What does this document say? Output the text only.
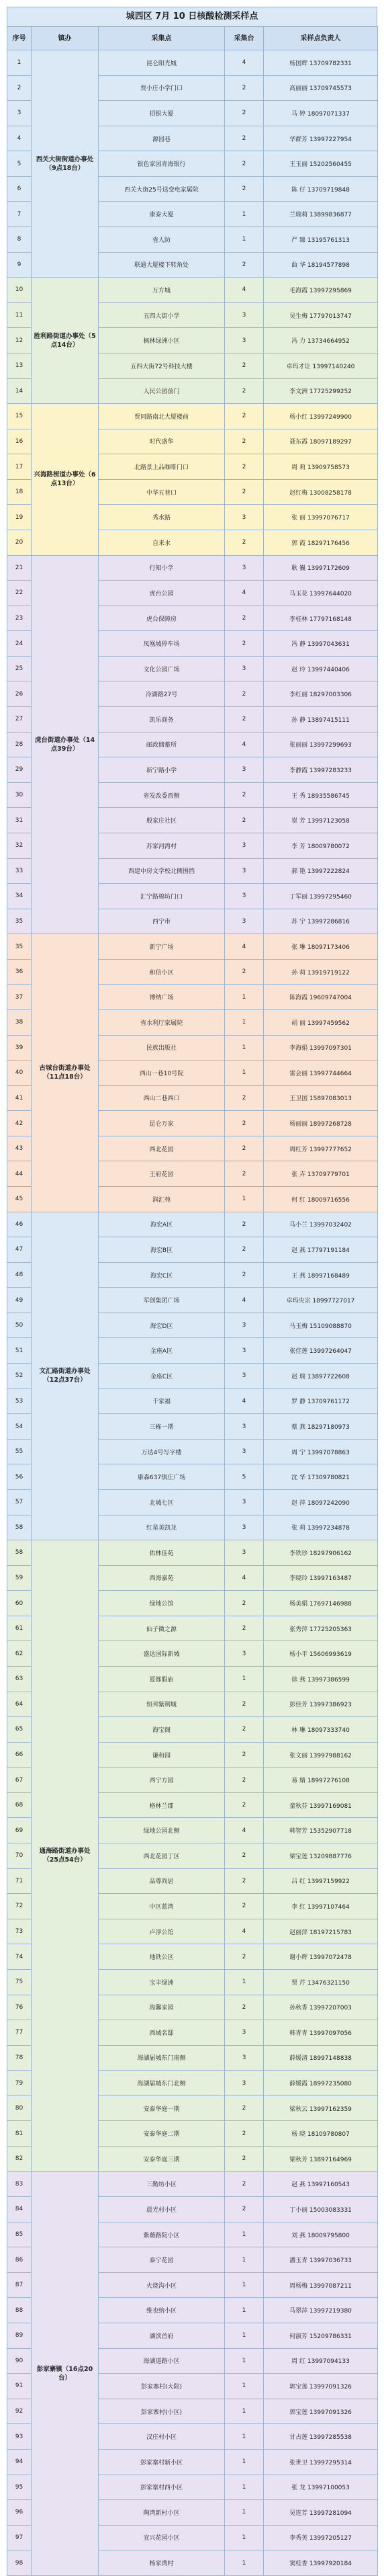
城西区 7月 10 日核酸检测采样点
序号	镇办	采集点	采集台	采样点负责人
1	西关大街街道办事处（9点18台）	昆仑阳光城	4	杨国辉 13709782331
2		贾小庄小学门口	2	高丽丽 13709745573
3		招银大厦	2	马 婷 18097071337
4		源园巷	2	华群芳 13997227954
5		银色家园青海银行	2	王玉丽 15202560455
6		西关大街25号送变电家属院	2	陈 仔 13709719848
7		康泰大厦	1	兰瑞莉 13899836877
8		省人防	1	严 臻 13195761313
9		联通大厦楼下转角处	2	曲 华 18194577898
10	胜利路街道办事处（5点14台）	万方城	4	毛海霞 13997295869
11		五四大街小学	3	吴生梅 17797013747
12		枫林绿洲小区	3	冯 力 13734664952
13		五四大街72号科技大楼	2	卓玛才让 13997140240
14		人民公园前门	2	李文洲 17725299252
15	兴海路街道办事处（6点13台）	贾同路南北大厦楼前	2	杨小红 13997249900
16		时代盛华	2	聂东霞 18097189297
17		北路景上品咖啡门口	2	周 莉 13909758573
18		中华五巷口	2	赵红梅 13008258178
19		秀水路	3	张 丽 13997076717
20		自来水	2	郭 霞 18297176456
21	虎台街道办事处（14点39台）	行知小学	3	耿 巍 13997172609
22		虎台公园	4	马玉花 13997644020
23		虎台保障房	2	李桂林 17797168148
24		凤凰城停车场	2	冯 静 13997043631
25		文化公园广场	3	赵 玲 13997440406
26		冷湖路27号	2	李红丽 18297003306
27		凯乐商务	2	孙 静 13897415111
28		邮政储蓄所	4	张丽丽 13997299693
29		新宁路小学	3	李静霞 13997283233
30		省发改委西侧	2	王 秀 18935586745
31		殷家庄社区	2	崔 芳 13997123058
32		苏家河湾村	3	李 芳 18009780072
33		西建中房文学校北侧围挡	3	郝 艳 13997222824
34		汇宁路棉坊门口	3	丁军丽 13997295460
35		西宁市	3	苏 宁 13997286816
35	古城台街道办事处（11点18台）	新宁广场	4	张 琳 18097173406
36		和信小区	2	孙 莉 13919719122
37		博纳广场	1	陈海霞 19609747004
38		省水利厅家属院	1	胡 丽 13997459562
39		民族出版社	1	李海娟 13997097301
40		西山一巷10号院	1	雷会丽 13997744664
41		西山二巷西口	2	王卫国 15897083013
42		昆仑万家	2	杨丽丽 18997268728
43		西北花园	2	周红芳 13997777652
44		王府花园	2	张 卉 13709779701
45		润汇苑	1	何 红 18009716556
46	文汇路街道办事处（12点37台）	海宏A区	2	马小兰 13997032402
47		海宏B区	2	赵 燕 17797191184
48		海宏C区	2	王 燕 18997168489
49		军创集团广场	4	卓玛央宗 18997727017
50		海宏D区	3	马玉梅 15109088870
51		金座A区	3	张佳莲 13997264047
52		金座C区	3	赵 瑞 13897722608
53		千家福	4	罗 静 13709761172
54		三栋一期	3	蔡 燕 18297180973
55		万达4号写字楼	3	周 宁 13997078863
56		康森637镇庄广场	5	沈 华 17309780821
57		北城七区	3	赵 萍 18097242090
58		红星美凯龙	3	张 莉 13997234878
58	通海路街道办事处（25点54台）	佑林佳苑	3	李铁珍 18297906162
59		西海嘉苑	4	李晓玲 13997163487
60		绿地公馆	2	杨美娟 17697146988
61		仙子微之源	2	张秀萍 17725205363
62		盛达国际新城	3	杨小平 15606993619
63		夏都假庙	1	徐 燕 13997386599
64		恒邦紫荆城	2	彭佳芳 13997386923
65		海宝阁	2	林 琳 18097333740
66		谦和园	2	张文丽 13997988162
67		西宁方园	2	易 婧 18997276108
68		格林兰郡	2	童秋芬 13997169081
69		绿地公园北侧	4	韩智芳 15352907718
70		西北花园丁区	2	梁宝莲 13209887776
71		品尊尚居	2	吕 红 13997159922
72		中区蓝湾	2	李 红 13997107464
73		卢浮公馆	4	赵丽萍 18197215783
74		地铁公区	2	谢小辉 13997072478
75		宝丰绿洲	1	贾 芹 13476321150
76		海馨家园	2	孙秋香 13997207003
77		西域名邸	3	韩青青 13997097056
78		海湖届城东门南侧	3	薛媛清 18997148838
79		海湖届城东门北侧	3	薛媛霞 18997235080
80		安泰华庭一期	2	梁秋云 13997162359
81		安泰华庭二期	2	杨 晓 18109780807
82		安泰华庭三期	2	梁秋芳 13897164969
83	彭家寨镇（16点20台）	三勤坊小区	2	赵 燕 13997160543
84		晨光村小区	2	丁小丽 15003083331
85		紫薇路院小区	1	刘 燕 18009795800
86		泰宁花园	1	潘玉青 13997036733
87		火烧沟小区	1	周杨梅 13997087211
88		维也纳小区	1	马翠萍 13997219380
89		湖滨首府	1	何淑芳 15209786331
90		海湖道路小区	1	周 红 13997094133
91		彭家寨村(大院)	1	郭宝莲 13997091326
92		彭家寨村(小区)	1	郭宝莲 13997091326
93		汉庄村小区	1	甘占莲 13997285538
94		彭家寨村新小区	1	张世卫 13997295314
95		彭家寨村西小区	1	张 龙 13997100053
96		陶湾新村小区	1	吴连芳 13997281094
97		宜兴花园小区	1	李秀英 13997205127
98		杨家湾村	1	窦桂香 13997920184
